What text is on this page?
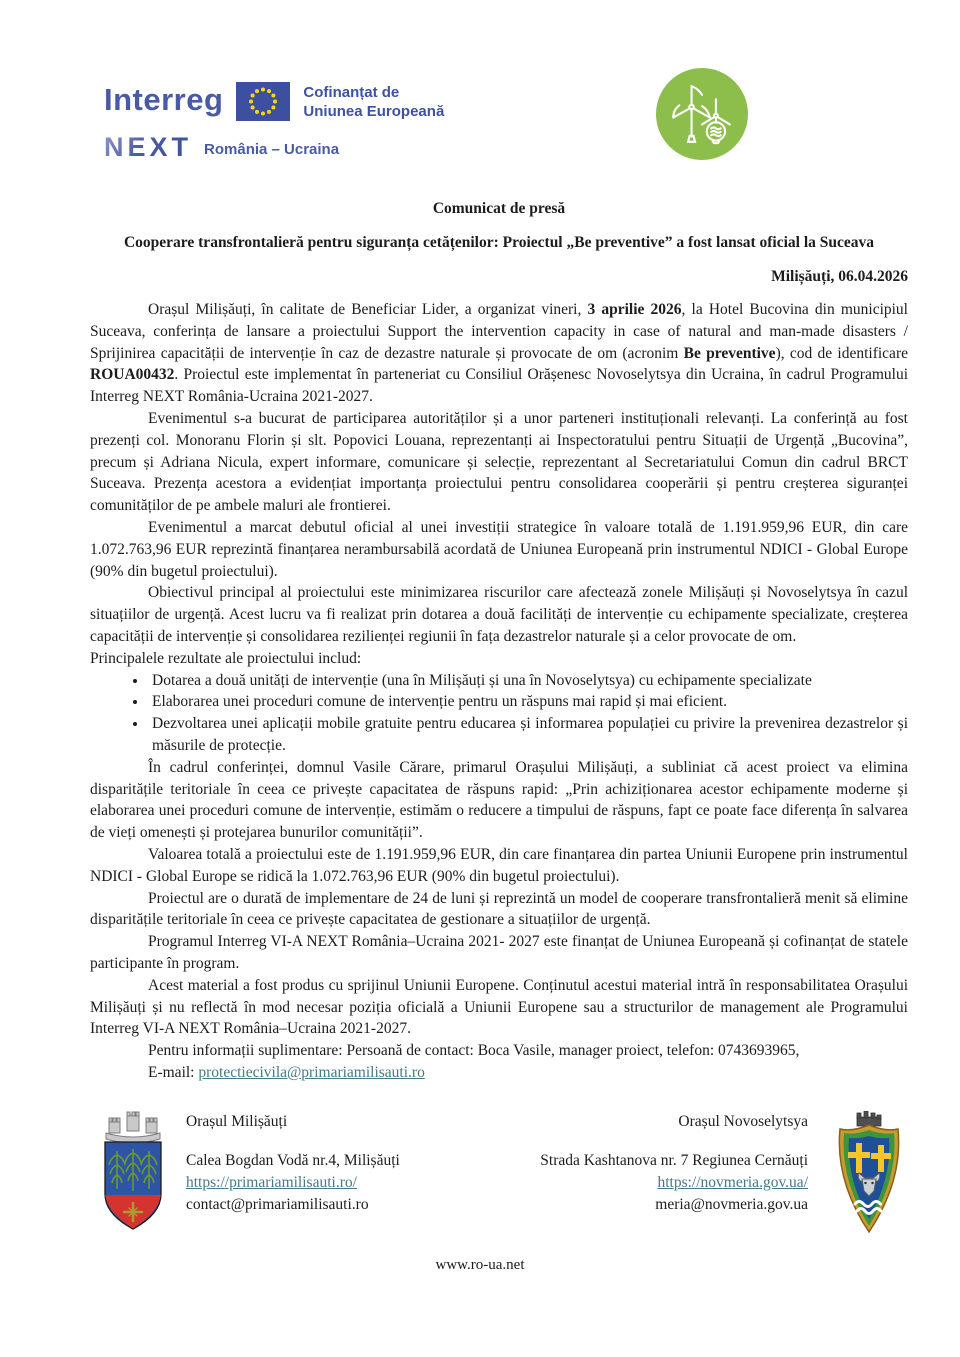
Interreg	Cofinanțat de
Uniunea Europeană
NEXT România – Ucraina
Comunicat de presă
Cooperare transfrontalieră pentru siguranța cetățenilor: Proiectul „Be preventive” a fost lansat oficial la Suceava
Milișăuți, 06.04.2026

Orașul Milișăuți, în calitate de Beneficiar Lider, a organizat vineri, 3 aprilie 2026, la Hotel Bucovina din municipiul Suceava, conferința de lansare a proiectului Support the intervention capacity in case of natural and man-made disasters / Sprijinirea capacității de intervenție în caz de dezastre naturale și provocate de om (acronim Be preventive), cod de identificare ROUA00432. Proiectul este implementat în parteneriat cu Consiliul Orășenesc Novoselytsya din Ucraina, în cadrul Programului Interreg NEXT România-Ucraina 2021-2027.

Evenimentul s-a bucurat de participarea autorităților și a unor parteneri instituționali relevanți. La conferință au fost prezenți col. Monoranu Florin și slt. Popovici Louana, reprezentanți ai Inspectoratului pentru Situații de Urgență „Bucovina”, precum și Adriana Nicula, expert informare, comunicare și selecție, reprezentant al Secretariatului Comun din cadrul BRCT Suceava. Prezența acestora a evidențiat importanța proiectului pentru consolidarea cooperării și pentru creșterea siguranței comunităților de pe ambele maluri ale frontierei.

Evenimentul a marcat debutul oficial al unei investiții strategice în valoare totală de 1.191.959,96 EUR, din care 1.072.763,96 EUR reprezintă finanțarea nerambursabilă acordată de Uniunea Europeană prin instrumentul NDICI - Global Europe (90% din bugetul proiectului).

Obiectivul principal al proiectului este minimizarea riscurilor care afectează zonele Milișăuți și Novoselytsya în cazul situațiilor de urgență. Acest lucru va fi realizat prin dotarea a două facilități de intervenție cu echipamente specializate, creșterea capacității de intervenție și consolidarea rezilienței regiunii în fața dezastrelor naturale și a celor provocate de om.

Principalele rezultate ale proiectului includ:

• Dotarea a două unități de intervenție (una în Milișăuți și una în Novoselytsya) cu echipamente specializate
• Elaborarea unei proceduri comune de intervenție pentru un răspuns mai rapid și mai eficient.
• Dezvoltarea unei aplicații mobile gratuite pentru educarea și informarea populației cu privire la prevenirea dezastrelor și măsurile de protecție.

În cadrul conferinței, domnul Vasile Cărare, primarul Orașului Milișăuți, a subliniat că acest proiect va elimina disparitățile teritoriale în ceea ce privește capacitatea de răspuns rapid: „Prin achiziționarea acestor echipamente moderne și elaborarea unei proceduri comune de intervenție, estimăm o reducere a timpului de răspuns, fapt ce poate face diferența în salvarea de vieți omenești și protejarea bunurilor comunității”.

Valoarea totală a proiectului este de 1.191.959,96 EUR, din care finanțarea din partea Uniunii Europene prin instrumentul NDICI - Global Europe se ridică la 1.072.763,96 EUR (90% din bugetul proiectului).

Proiectul are o durată de implementare de 24 de luni și reprezintă un model de cooperare transfrontalieră menit să elimine disparitățile teritoriale în ceea ce privește capacitatea de gestionare a situațiilor de urgență.

Programul Interreg VI-A NEXT România–Ucraina 2021- 2027 este finanțat de Uniunea Europeană și cofinanțat de statele participante în program.

Acest material a fost produs cu sprijinul Uniunii Europene. Conținutul acestui material intră în responsabilitatea Orașului Milișăuți și nu reflectă în mod necesar poziția oficială a Uniunii Europene sau a structurilor de management ale Programului Interreg VI-A NEXT România–Ucraina 2021-2027.

Pentru informații suplimentare: Persoană de contact: Boca Vasile, manager proiect, telefon: 0743693965,
E-mail: protectiecivila@primariamilisauti.ro
Orașul Milișăuți
Calea Bogdan Vodă nr.4, Milișăuți
https://primariamilisauti.ro/
contact@primariamilisauti.ro
Orașul Novoselytsya
Strada Kashtanova nr. 7 Regiunea Cernăuți
https://novmeria.gov.ua/
meria@novmeria.gov.ua
www.ro-ua.net
